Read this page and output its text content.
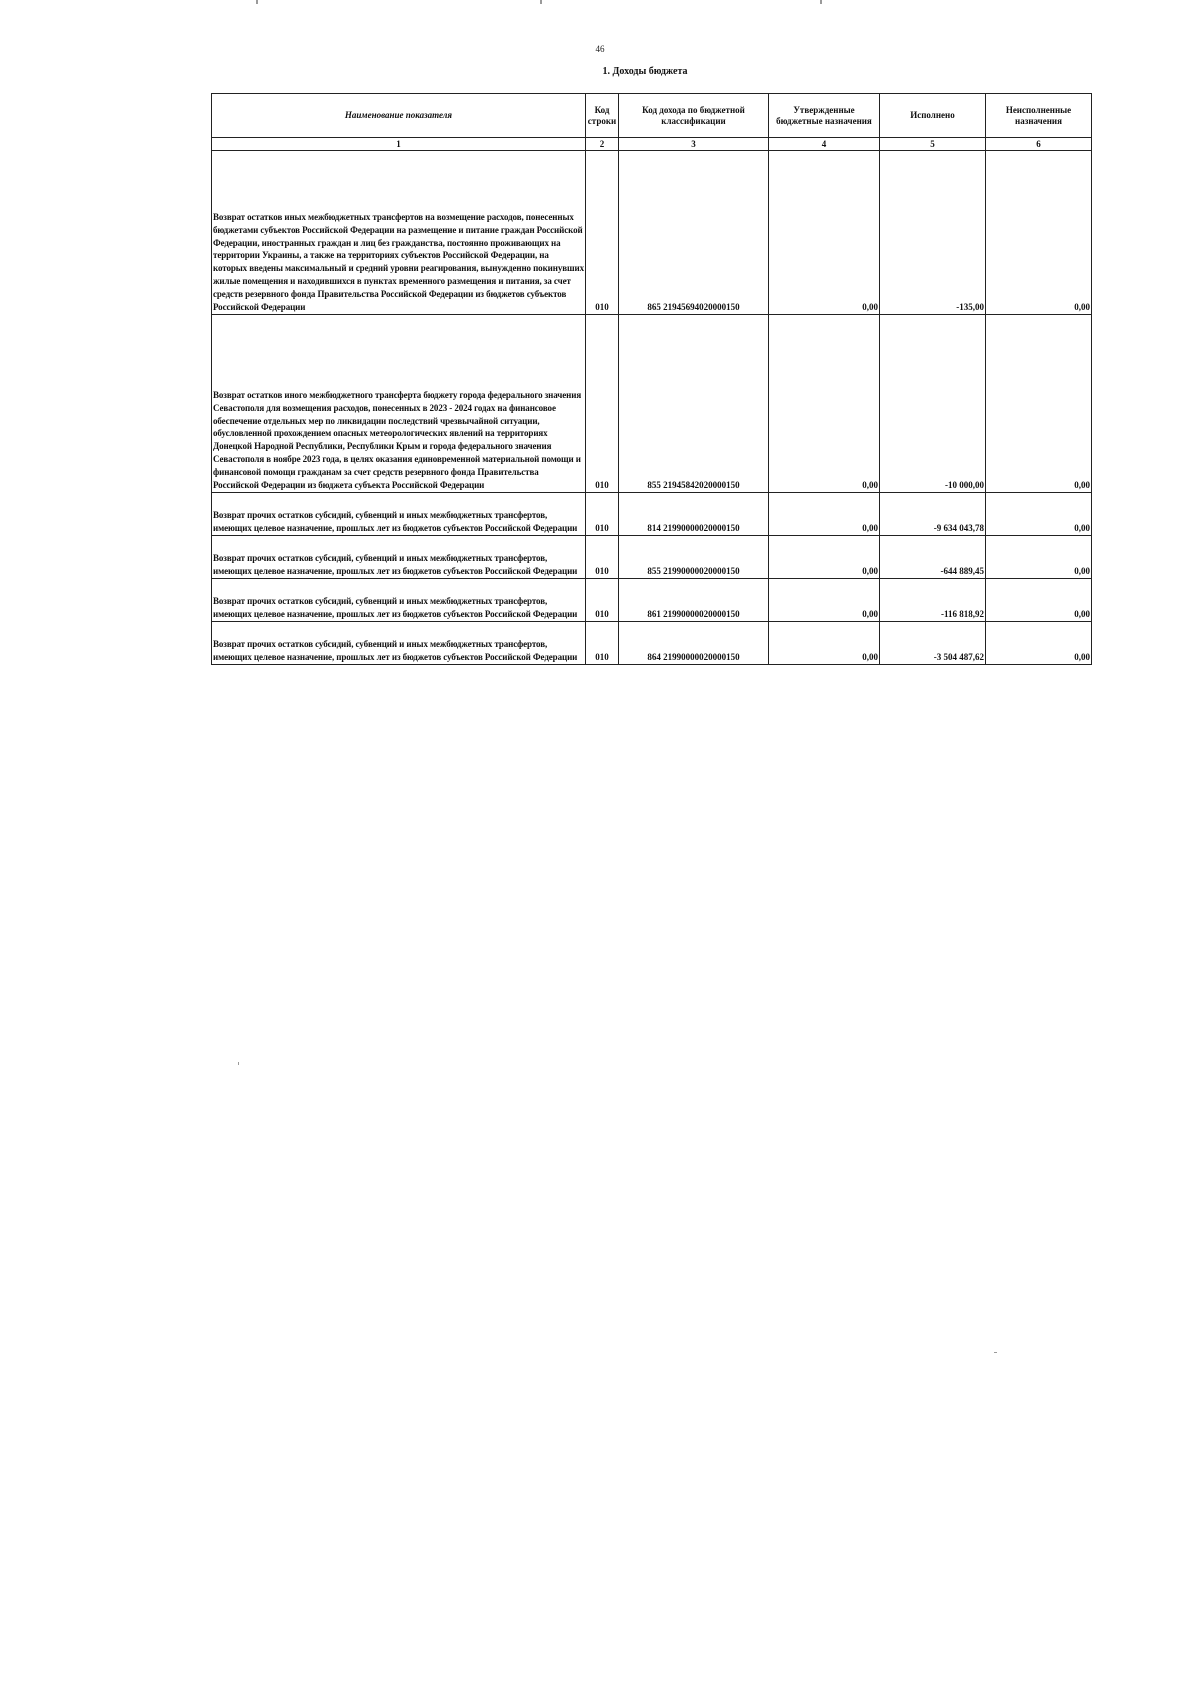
46
1. Доходы бюджета
Наименование показателя	Код строки	Код дохода по бюджетной классификации	Утвержденные бюджетные назначения	Исполнено	Неисполненные назначения
1	2	3	4	5	6
Возврат остатков иных межбюджетных трансфертов на возмещение расходов, понесенных бюджетами субъектов Российской Федерации на размещение и питание граждан Российской Федерации, иностранных граждан и лиц без гражданства, постоянно проживающих на территории Украины, а также на территориях субъектов Российской Федерации, на которых введены максимальный и средний уровни реагирования, вынужденно покинувших жилые помещения и находившихся в пунктах временного размещения и питания, за счет средств резервного фонда Правительства Российской Федерации из бюджетов субъектов Российской Федерации	010	865 21945694020000150	0,00	-135,00	0,00
Возврат остатков иного межбюджетного трансферта бюджету города федерального значения Севастополя для возмещения расходов, понесенных в 2023 - 2024 годах на финансовое обеспечение отдельных мер по ликвидации последствий чрезвычайной ситуации, обусловленной прохождением опасных метеорологических явлений на территориях Донецкой Народной Республики, Республики Крым и города федерального значения Севастополя в ноябре 2023 года, в целях оказания единовременной материальной помощи и финансовой помощи гражданам за счет средств резервного фонда Правительства Российской Федерации из бюджета субъекта Российской Федерации	010	855 21945842020000150	0,00	-10 000,00	0,00
Возврат прочих остатков субсидий, субвенций и иных межбюджетных трансфертов, имеющих целевое назначение, прошлых лет из бюджетов субъектов Российской Федерации	010	814 21990000020000150	0,00	-9 634 043,78	0,00
Возврат прочих остатков субсидий, субвенций и иных межбюджетных трансфертов, имеющих целевое назначение, прошлых лет из бюджетов субъектов Российской Федерации	010	855 21990000020000150	0,00	-644 889,45	0,00
Возврат прочих остатков субсидий, субвенций и иных межбюджетных трансфертов, имеющих целевое назначение, прошлых лет из бюджетов субъектов Российской Федерации	010	861 21990000020000150	0,00	-116 818,92	0,00
Возврат прочих остатков субсидий, субвенций и иных межбюджетных трансфертов, имеющих целевое назначение, прошлых лет из бюджетов субъектов Российской Федерации	010	864 21990000020000150	0,00	-3 504 487,62	0,00
